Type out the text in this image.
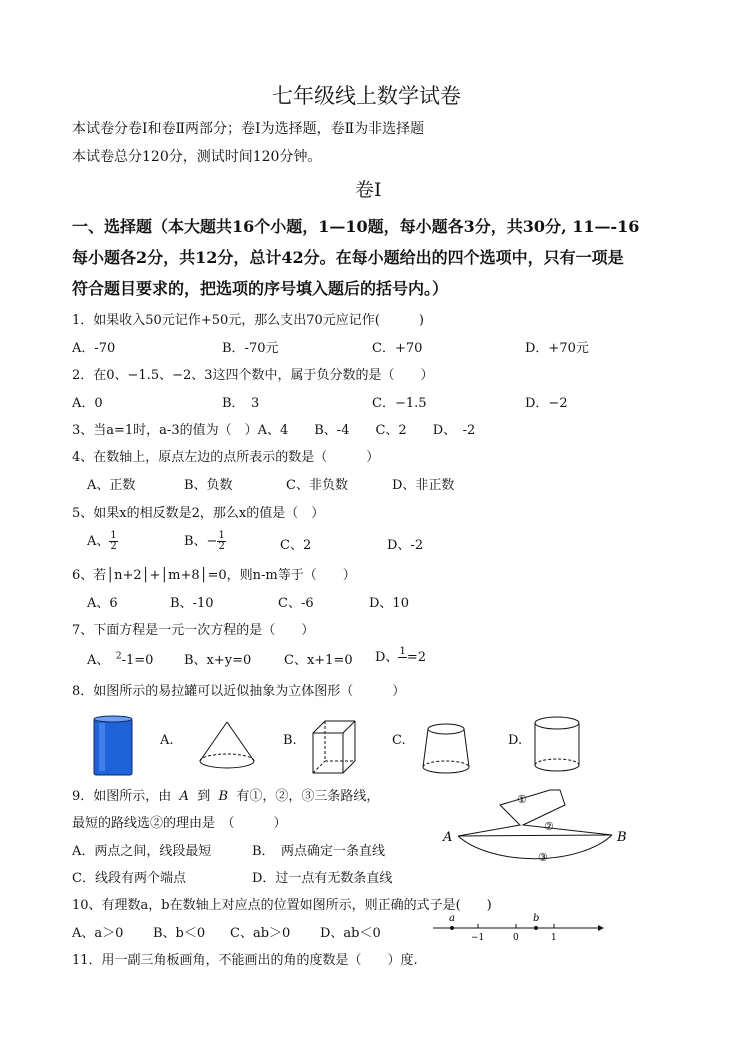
七年级线上数学试卷
本试卷分卷Ⅰ和卷Ⅱ两部分；卷Ⅰ为选择题，卷Ⅱ为非选择题
本试卷总分120分，测试时间120分钟。
卷Ⅰ
一、选择题（本大题共16个小题，1—10题，每小题各3分，共30分, 11—-16
每小题各2分，共12分，总计42分。在每小题给出的四个选项中，只有一项是
符合题目要求的，把选项的序号填入题后的括号内。）
1．如果收入50元记作+50元，那么支出70元应记作(　　　)
A．-70	B．-70元	C．+70	D．+70元
2．在0、−1.5、−2、3这四个数中，属于负分数的是（　　）
A．0	B．　3	C．−1.5	D．−2
3、当a=1时，a-3的值为（　）A、4　　B、-4　　C、2　　D、　-2
4、在数轴上，原点左边的点所表示的数是（　　　）
A、正数	B、负数	C、非负数	D、非正数
5、如果x的相反数是2，那么x的值是（　）
A、 $\frac{1}{2}$	B、− $\frac{1}{2}$	C、2	D、-2
6、若│n+2│+│m+8│=0，则n-m等于（　　）
A、6	B、-10	C、-6	D、10
7、下面方程是一元一次方程的是（　　）
A、　$^2$-1=0 B、x+y=0	C、x+1=0 D、 1
=2
8．如图所示的易拉罐可以近似抽象为立体图形（　　　）
A.	B.	C.	D.
9．如图所示，由 A 到 B 有①，②，③三条路线，
最短的路线选②的理由是　（　　　）
A．两点之间，线段最短	B．　两点确定一条直线
C．线段有两个端点	D．过一点有无数条直线
A	B
①
②
③
10、有理数a，b在数轴上对应点的位置如图所示，则正确的式子是(　　)
A、a＞0 B、b＜0 C、ab＞0 D、ab＜0
a	b
−1	0	1
11．用一副三角板画角，不能画出的角的度数是（　　）度.
